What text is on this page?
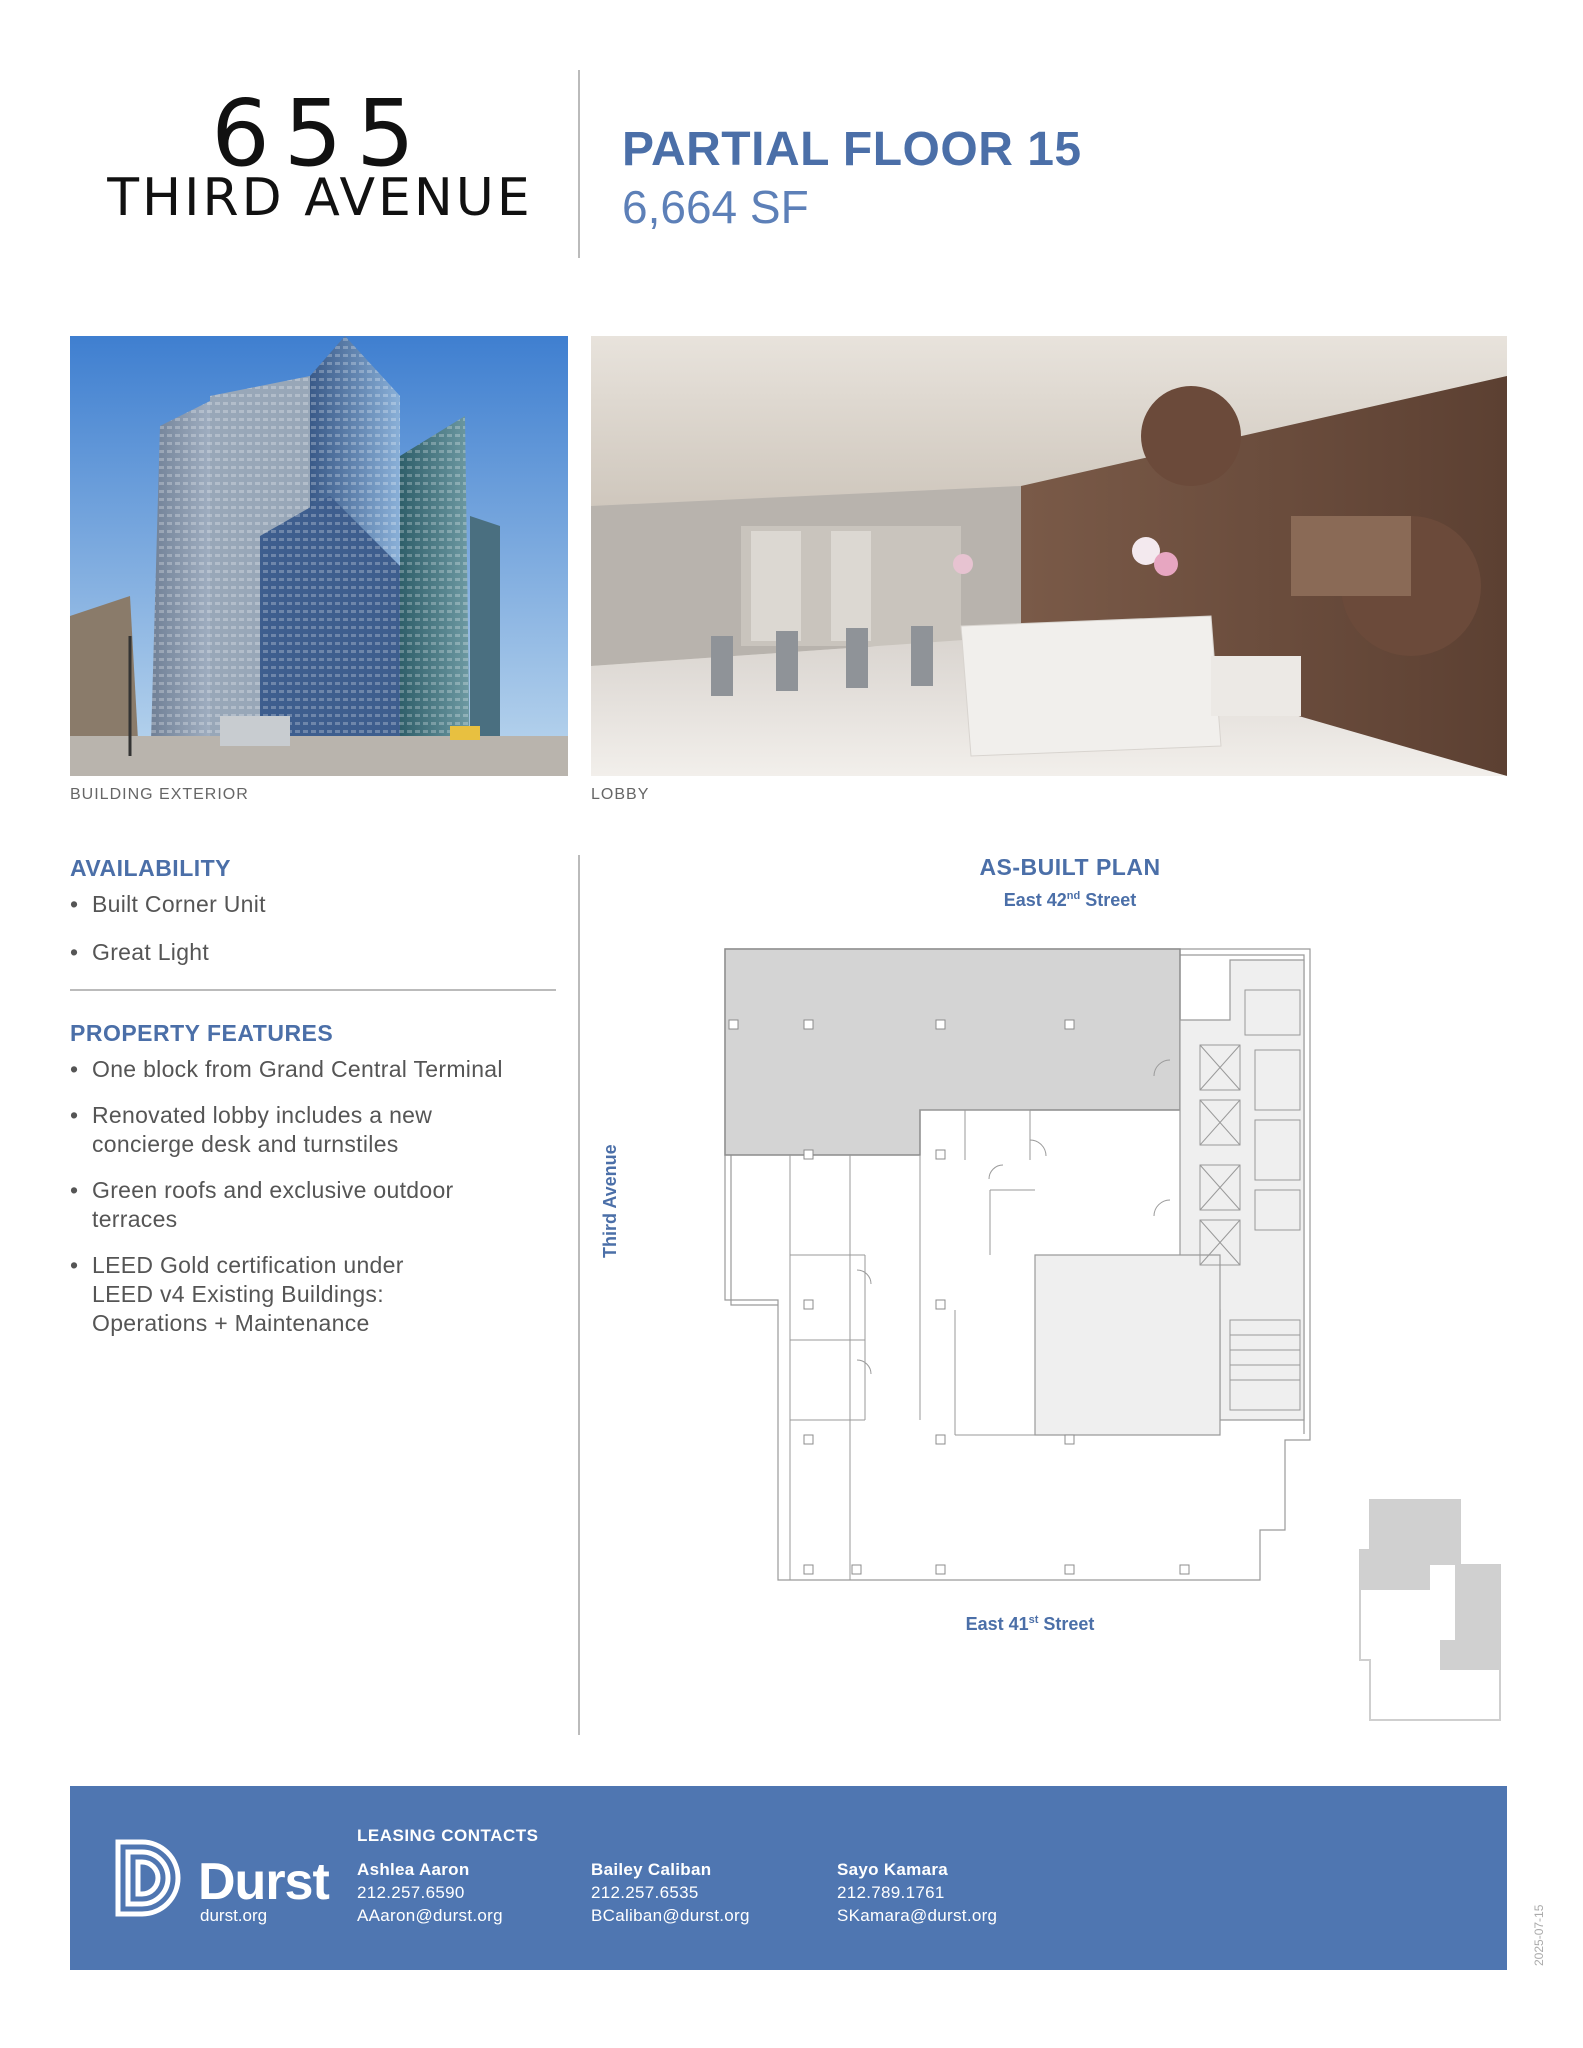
655
THIRD AVENUE
PARTIAL FLOOR 15
6,664 SF
BUILDING EXTERIOR	LOBBY
AVAILABILITY
• Built Corner Unit
• Great Light
PROPERTY FEATURES
• One block from Grand Central Terminal
• Renovated lobby includes a new concierge desk and turnstiles
• Green roofs and exclusive outdoor terraces
• LEED Gold certification under LEED v4 Existing Buildings: Operations + Maintenance
AS-BUILT PLAN
East 42nd Street
East 41st Street
Third Avenue
Durst
durst.org
LEASING CONTACTS
Ashlea Aaron
212.257.6590
AAaron@durst.org
Bailey Caliban
212.257.6535
BCaliban@durst.org
Sayo Kamara
212.789.1761
SKamara@durst.org	2025-07-15
